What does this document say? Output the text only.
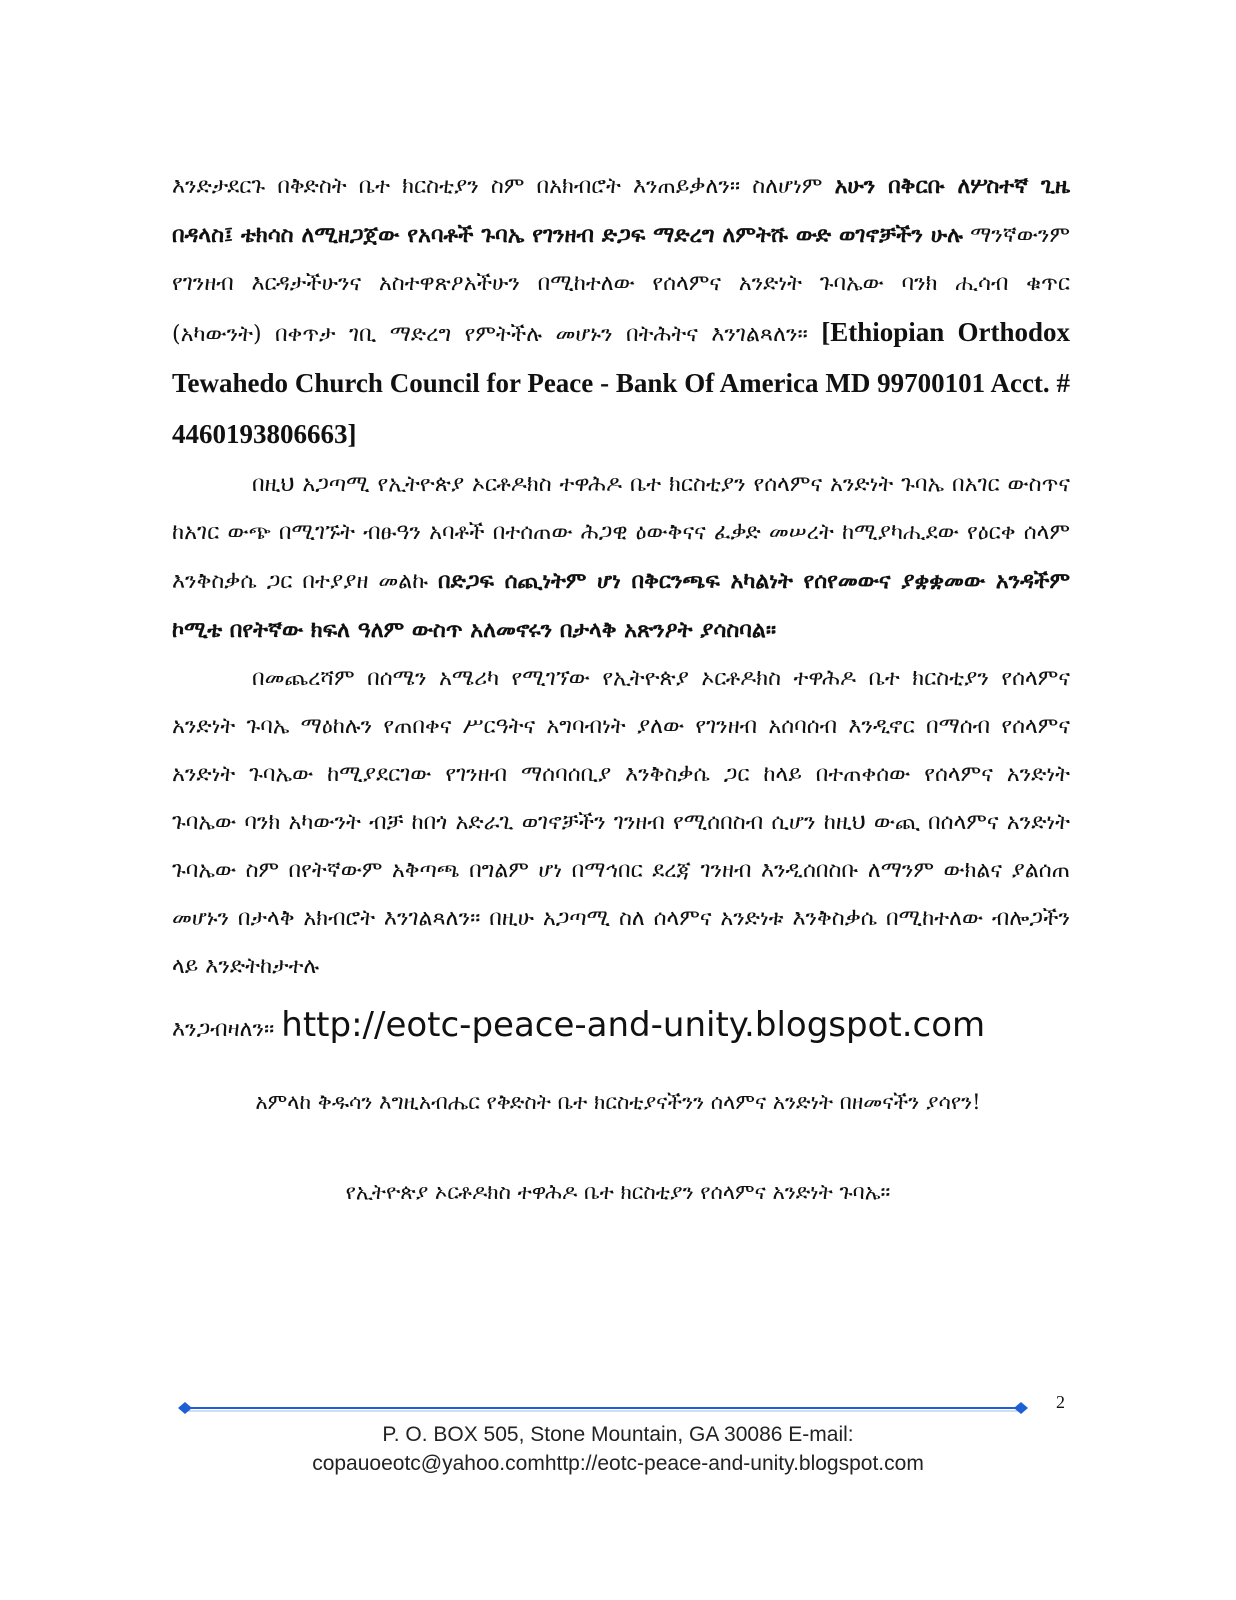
እንድታደርጉ በቅድስት ቤተ ክርስቲያን ስም በአክብሮት እንጠይቃለን። ስለሆነም አሁን በቅርቡ ለሦስተኛ ጊዜ በዳላስ፤ ቴክሳስ ለሚዘጋጀው የአባቶች ጉባኤ የገንዘብ ድጋፍ ማድረግ ለምትሹ ውድ ወገኖቻችን ሁሉ ማንኛውንም የገንዘብ እርዳታችሁንና አስተዋጽዖአችሁን በሚከተለው የሰላምና አንድነት ጉባኤው ባንክ ሒሳብ ቁጥር (አካውንት) በቀጥታ ገቢ ማድረግ የምትችሉ መሆኑን በትሕትና እንገልጻለን። [Ethiopian Orthodox Tewahedo Church Council for Peace - Bank Of America MD 99700101 Acct. # 4460193806663]

በዚህ አጋጣሚ የኢትዮጵያ ኦርቶዶክስ ተዋሕዶ ቤተ ክርስቲያን የሰላምና አንድነት ጉባኤ በአገር ውስጥና ከአገር ውጭ በሚገኙት ብፁዓን አባቶች በተሰጠው ሕጋዊ ዕውቅናና ፈቃድ መሠረት ከሚያካሒደው የዕርቀ ሰላም እንቅስቃሴ ጋር በተያያዘ መልኩ በድጋፍ ሰጪነትም ሆነ በቅርንጫፍ አካልነት የሰየመውና ያቋቋመው አንዳችም ኮሚቴ በየትኛው ክፍለ ዓለም ውስጥ አለመኖሩን በታላቅ አጽንዖት ያሳስባል።

በመጨረሻም በሰሜን አሜሪካ የሚገኘው የኢትዮጵያ ኦርቶዶክስ ተዋሕዶ ቤተ ክርስቲያን የሰላምና አንድነት ጉባኤ ማዕከሉን የጠበቀና ሥርዓትና አግባብነት ያለው የገንዘብ አሰባሰብ እንዲኖር በማሰብ የሰላምና አንድነት ጉባኤው ከሚያደርገው የገንዘብ ማሰባሰቢያ እንቅስቃሴ ጋር ከላይ በተጠቀሰው የሰላምና አንድነት ጉባኤው ባንክ አካውንት ብቻ ከበጎ አድራጊ ወገኖቻችን ገንዘብ የሚሰበስብ ሲሆን ከዚህ ውጪ በሰላምና አንድነት ጉባኤው ስም በየትኛውም አቅጣጫ በግልም ሆነ በማኅበር ደረጃ ገንዘብ እንዲሰበስቡ ለማንም ውክልና ያልሰጠ መሆኑን በታላቅ አክብሮት እንገልጻለን። በዚሁ አጋጣሚ ስለ ሰላምና አንድነቱ እንቅስቃሴ በሚከተለው ብሎጋችን ላይ እንድትከታተሉ

እንጋብዛለን። http://eotc-peace-and-unity.blogspot.com

አምላከ ቅዱሳን እግዚአብሔር የቅድስት ቤተ ክርስቲያናችንን ሰላምና አንድነት በዘመናችን ያሳየን!
የኢትዮጵያ ኦርቶዶክስ ተዋሕዶ ቤተ ክርስቲያን የሰላምና አንድነት ጉባኤ።
2
P. O. BOX 505, Stone Mountain, GA 30086 E-mail:
copauoeotc@yahoo.comhttp://eotc-peace-and-unity.blogspot.com
